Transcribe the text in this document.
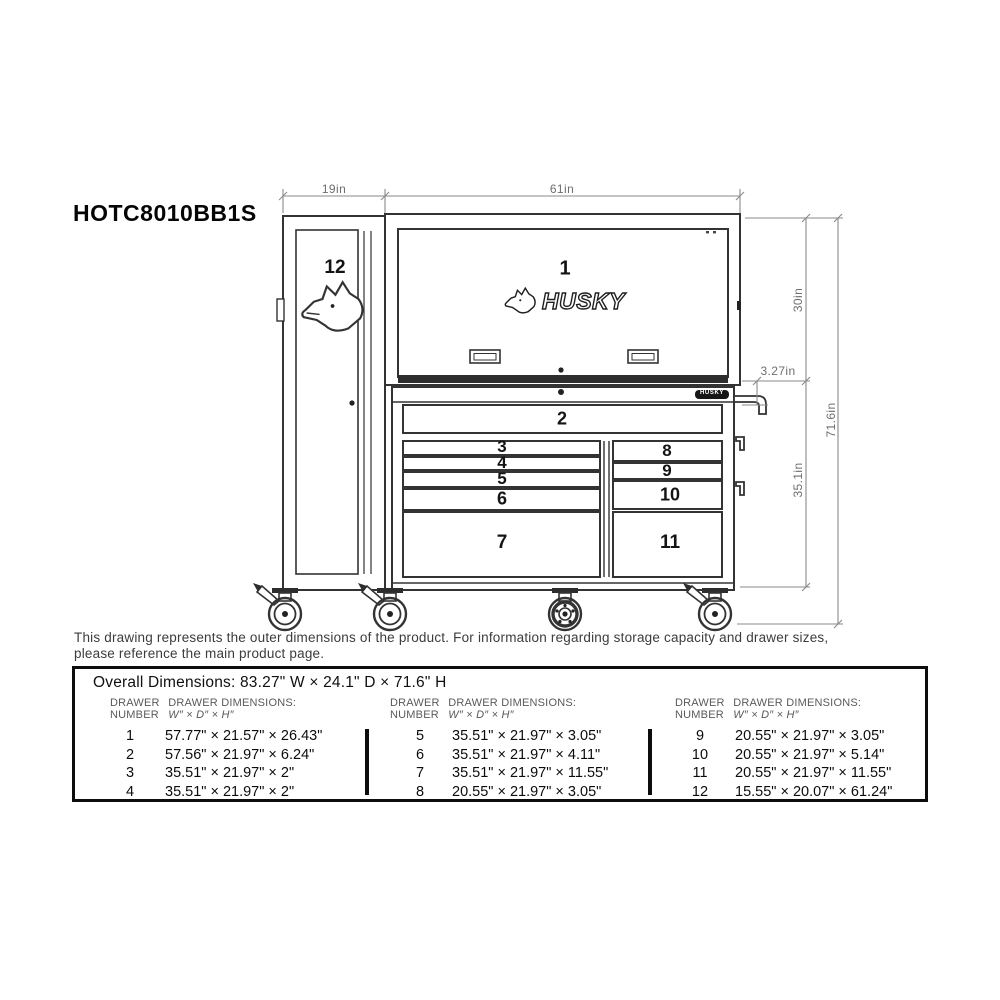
HOTC8010BB1S
19in	61in
30in
3.27in
35.1in
71.6in
1
12
2
3
4
5
6
7
8
9
10
11
HUSKY
HUSKY
This drawing represents the outer dimensions of the product. For information regarding storage capacity and drawer sizes,
please reference the main product page.
Overall Dimensions: 83.27" W × 24.1" D × 71.6" H
DRAWER
NUMBER DRAWER DIMENSIONS:
W″ × D″ × H″
DRAWER
NUMBER DRAWER DIMENSIONS:
W″ × D″ × H″
DRAWER
NUMBER DRAWER DIMENSIONS:
W″ × D″ × H″
1	57.77" × 21.57" × 26.43"
2	57.56" × 21.97" × 6.24"
3	35.51" × 21.97" × 2"
4	35.51" × 21.97" × 2"
5	35.51" × 21.97" × 3.05"
6	35.51" × 21.97" × 4.11"
7	35.51" × 21.97" × 11.55"
8	20.55" × 21.97" × 3.05"
9	20.55" × 21.97" × 3.05"
10	20.55" × 21.97" × 5.14"
11	20.55" × 21.97" × 11.55"
12	15.55" × 20.07" × 61.24"
